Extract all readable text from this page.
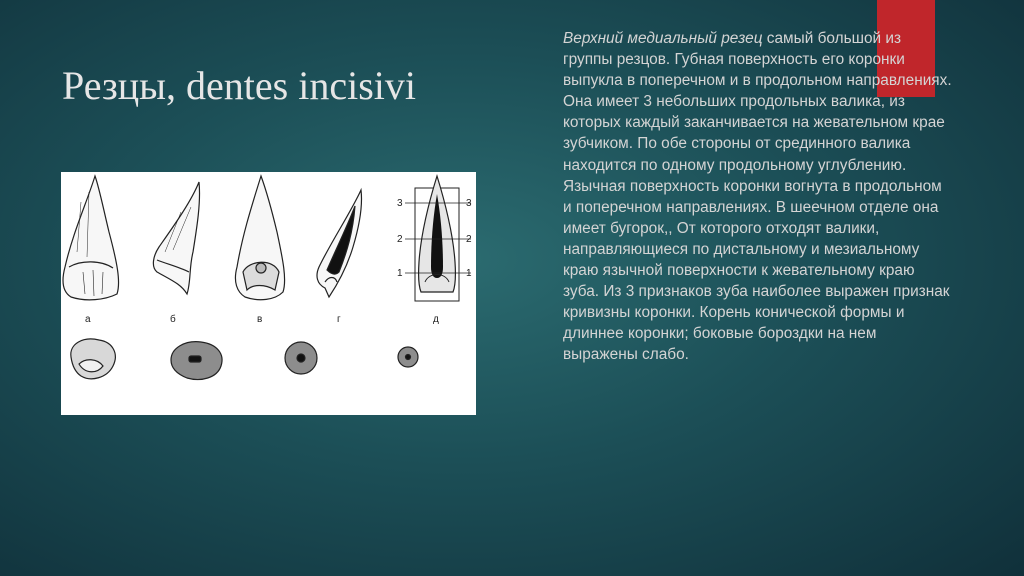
Резцы, dentes incisivi
3
2
1
3
2
1
а	б	в	г	д

Верхний медиальный резец самый большой из группы резцов. Губная поверхность его коронки выпукла в поперечном и в продольном направлениях. Она имеет 3 небольших продольных валика, из которых каждый заканчивается на жевательном крае зубчиком. По обе стороны от срединного валика находится по одному продольному углублению. Язычная поверхность коронки вогнута в продольном и поперечном направлениях. В шеечном отделе она имеет бугорок,, От которого отходят валики, направляющиеся по дистальному и мезиальному краю язычной поверхности к жевательному краю зуба. Из 3 признаков зуба наиболее выражен признак кривизны коронки. Корень конической формы и длиннее коронки; боковые бороздки на нем выражены слабо.
